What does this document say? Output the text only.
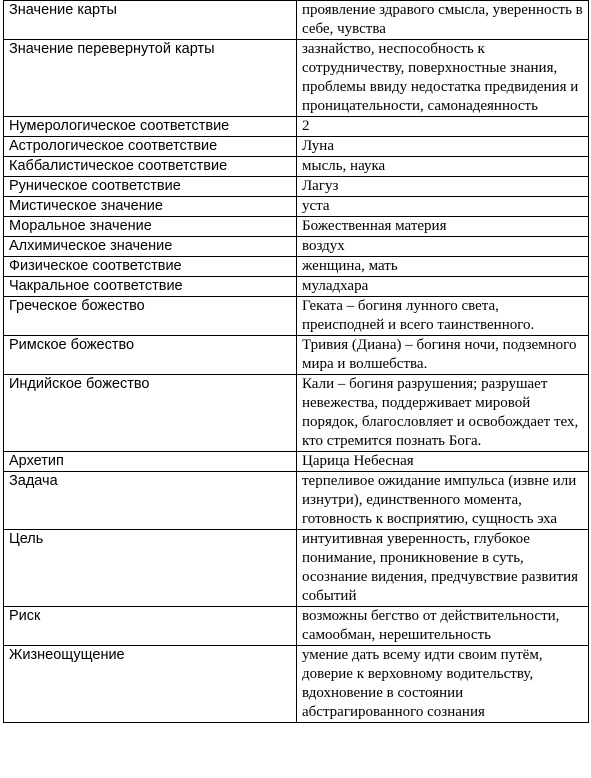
Значение карты	проявление здравого смысла, уверенность в себе, чувства
Значение перевернутой карты	зазнайство, неспособность к сотрудничеству, поверхностные знания, проблемы ввиду недостатка предвидения и проницательности, самонадеянность
Нумерологическое соответствие	2
Астрологическое соответствие	Луна
Каббалистическое соответствие	мысль, наука
Руническое соответствие	Лагуз
Мистическое значение	уста
Моральное значение	Божественная материя
Алхимическое значение	воздух
Физическое соответствие	женщина, мать
Чакральное соответствие	муладхара
Греческое божество	Геката – богиня лунного света, преисподней и всего таинственного.
Римское божество	Тривия (Диана) – богиня ночи, подземного мира и волшебства.
Индийское божество	Кали – богиня разрушения; разрушает невежества, поддерживает мировой порядок, благословляет и освобождает тех, кто стремится познать Бога.
Архетип	Царица Небесная
Задача	терпеливое ожидание импульса (извне или изнутри), единственного момента, готовность к восприятию, сущность эха
Цель	интуитивная уверенность, глубокое понимание, проникновение в суть, осознание видения, предчувствие развития событий
Риск	возможны бегство от действительности, самообман, нерешительность
Жизнеощущение	умение дать всему идти своим путём, доверие к верховному водительству, вдохновение в состоянии абстрагированного сознания
